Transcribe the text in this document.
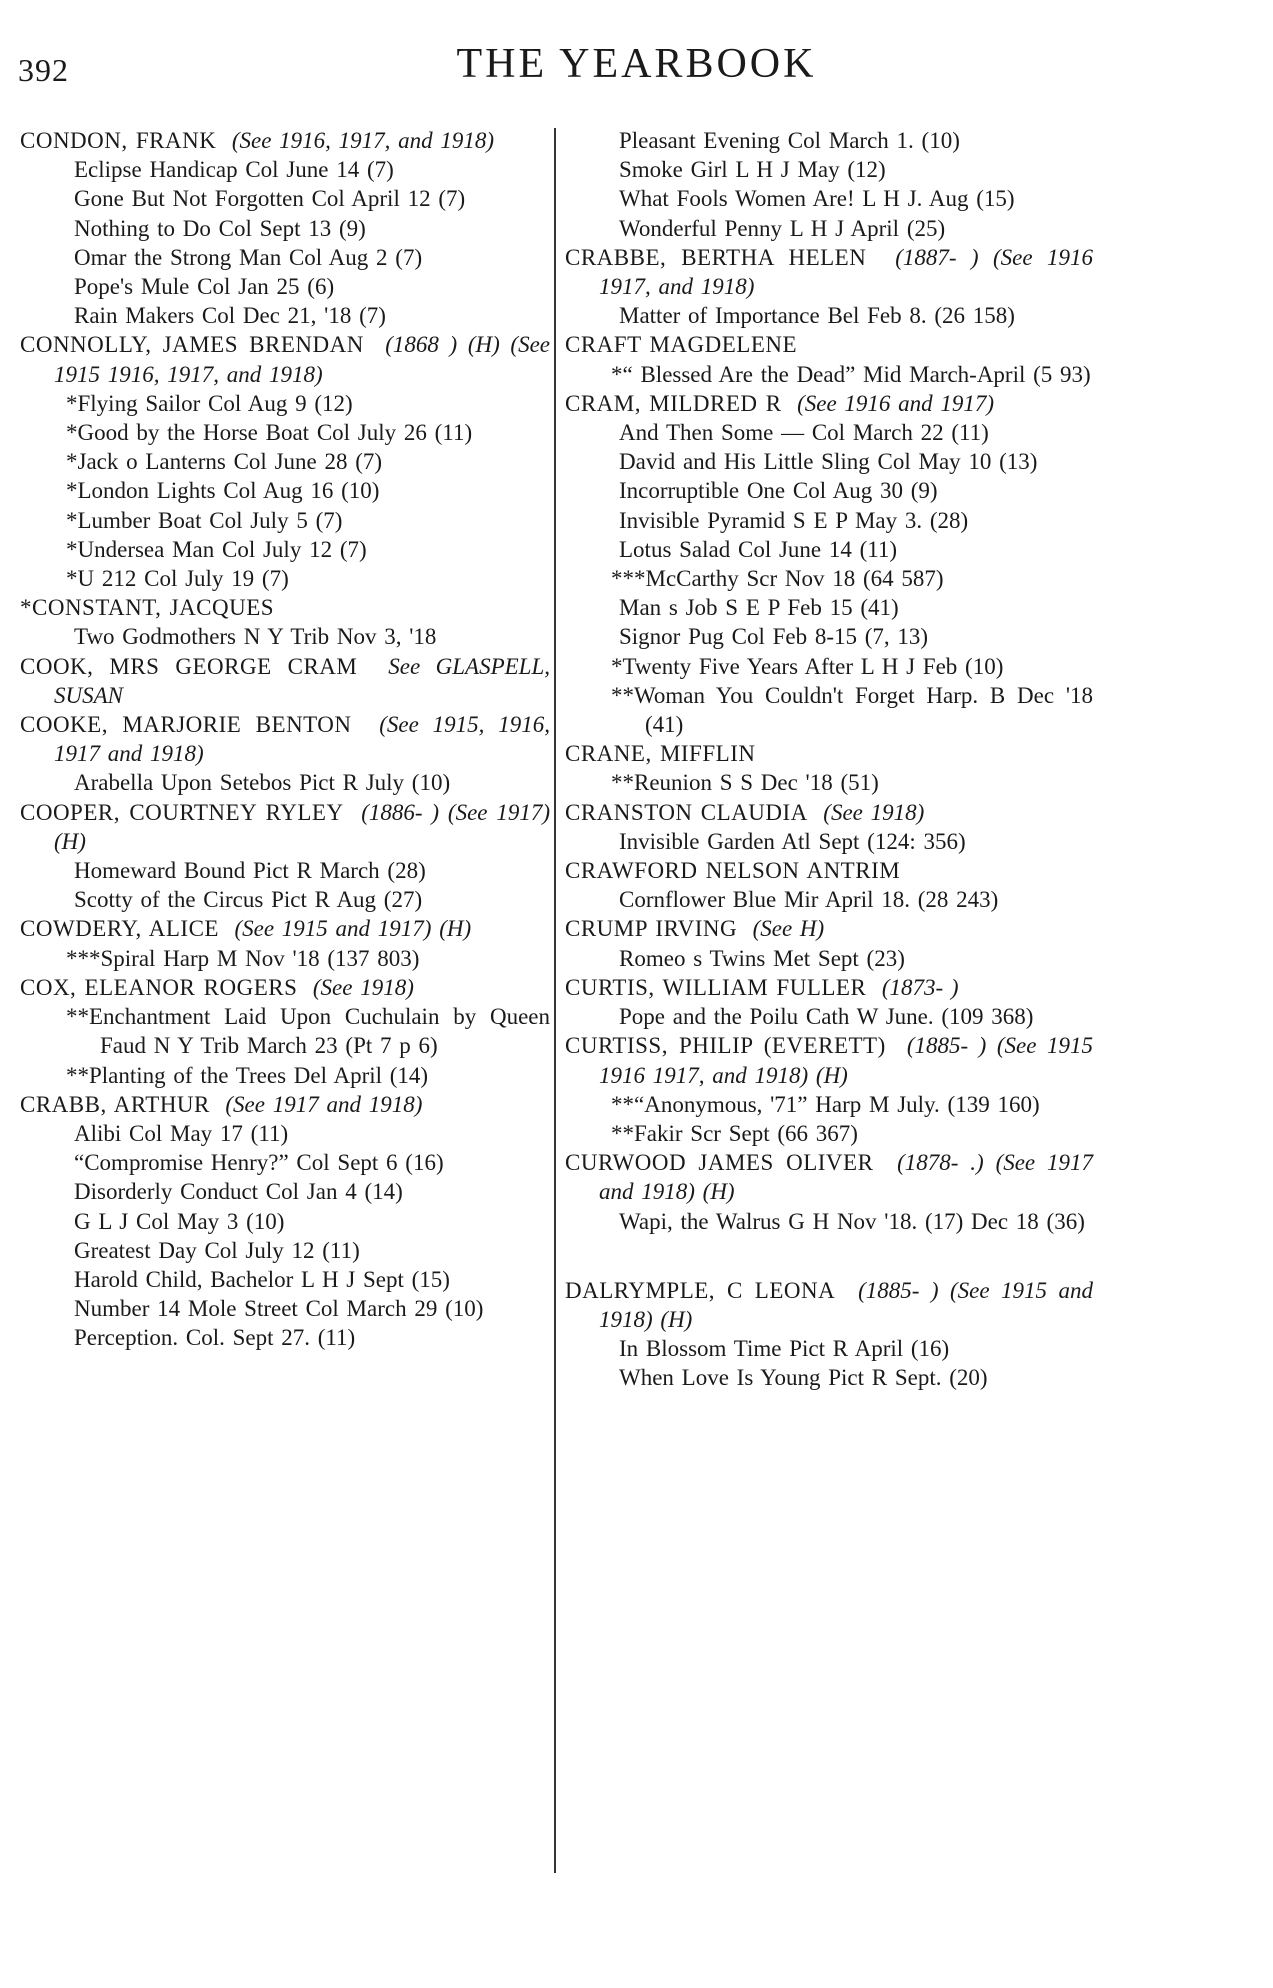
392	THE YEARBOOK
CONDON, FRANK (See 1916, 1917, and 1918)
Eclipse Handicap Col June 14 (7)
Gone But Not Forgotten Col April 12 (7)
Nothing to Do Col Sept 13 (9)
Omar the Strong Man Col Aug 2 (7)
Pope's Mule Col Jan 25 (6)
Rain Makers Col Dec 21, '18 (7)
CONNOLLY, JAMES BRENDAN (1868 ) (H) (See 1915 1916, 1917, and 1918)
*Flying Sailor Col Aug 9 (12)
*Good by the Horse Boat Col July 26 (11)
*Jack o Lanterns Col June 28 (7)
*London Lights Col Aug 16 (10)
*Lumber Boat Col July 5 (7)
*Undersea Man Col July 12 (7)
*U 212 Col July 19 (7)
*CONSTANT, JACQUES
Two Godmothers N Y Trib Nov 3, '18
COOK, MRS GEORGE CRAM See GLASPELL, SUSAN
COOKE, MARJORIE BENTON (See 1915, 1916, 1917 and 1918)
Arabella Upon Setebos Pict R July (10)
COOPER, COURTNEY RYLEY (1886- ) (See 1917) (H)
Homeward Bound Pict R March (28)
Scotty of the Circus Pict R Aug (27)
COWDERY, ALICE (See 1915 and 1917) (H)
***Spiral Harp M Nov '18 (137 803)
COX, ELEANOR ROGERS (See 1918)
**Enchantment Laid Upon Cuchulain by Queen Faud N Y Trib March 23 (Pt 7 p 6)
**Planting of the Trees Del April (14)
CRABB, ARTHUR (See 1917 and 1918)
Alibi Col May 17 (11)
“Compromise Henry?” Col Sept 6 (16)
Disorderly Conduct Col Jan 4 (14)
G L J Col May 3 (10)
Greatest Day Col July 12 (11)
Harold Child, Bachelor L H J Sept (15)
Number 14 Mole Street Col March 29 (10)
Perception. Col. Sept 27. (11)
Pleasant Evening Col March 1. (10)
Smoke Girl L H J May (12)
What Fools Women Are! L H J. Aug (15)
Wonderful Penny L H J April (25)
CRABBE, BERTHA HELEN (1887- ) (See 1916 1917, and 1918)
Matter of Importance Bel Feb 8. (26 158)
CRAFT MAGDELENE
*“ Blessed Are the Dead” Mid March-April (5 93)
CRAM, MILDRED R (See 1916 and 1917)
And Then Some — Col March 22 (11)
David and His Little Sling Col May 10 (13)
Incorruptible One Col Aug 30 (9)
Invisible Pyramid S E P May 3. (28)
Lotus Salad Col June 14 (11)
***McCarthy Scr Nov 18 (64 587)
Man s Job S E P Feb 15 (41)
Signor Pug Col Feb 8-15 (7, 13)
*Twenty Five Years After L H J Feb (10)
**Woman You Couldn't Forget Harp. B Dec '18 (41)
CRANE, MIFFLIN
**Reunion S S Dec '18 (51)
CRANSTON CLAUDIA (See 1918)
Invisible Garden Atl Sept (124: 356)
CRAWFORD NELSON ANTRIM
Cornflower Blue Mir April 18. (28 243)
CRUMP IRVING (See H)
Romeo s Twins Met Sept (23)
CURTIS, WILLIAM FULLER (1873- )
Pope and the Poilu Cath W June. (109 368)
CURTISS, PHILIP (EVERETT) (1885- ) (See 1915 1916 1917, and 1918) (H)
**“Anonymous, '71” Harp M July. (139 160)
**Fakir Scr Sept (66 367)
CURWOOD JAMES OLIVER (1878- .) (See 1917 and 1918) (H)
Wapi, the Walrus G H Nov '18. (17) Dec 18 (36)
DALRYMPLE, C LEONA (1885- ) (See 1915 and 1918) (H)
In Blossom Time Pict R April (16)
When Love Is Young Pict R Sept. (20)
